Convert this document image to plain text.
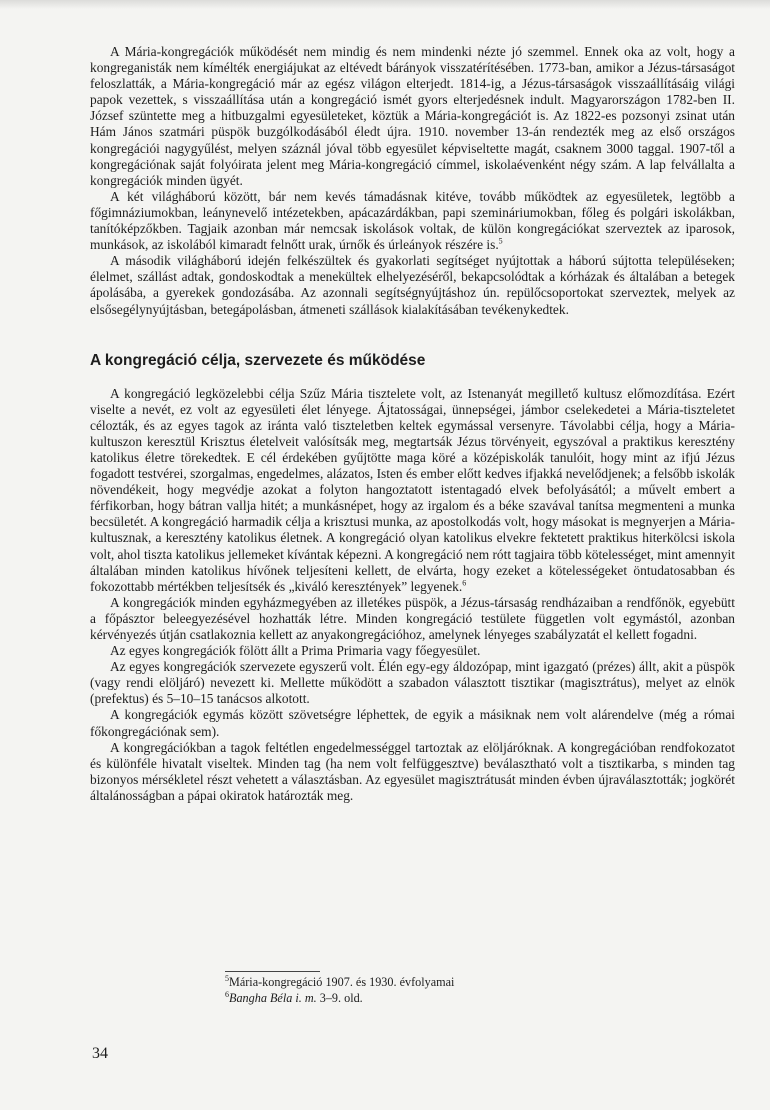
A Mária-kongregációk működését nem mindig és nem mindenki nézte jó szemmel. Ennek oka az volt, hogy a kongreganisták nem kímélték energiájukat az eltévedt bárányok visszatérítésében. 1773-ban, amikor a Jézus-társaságot feloszlatták, a Mária-kongregáció már az egész világon elterjedt. 1814-ig, a Jézus-társaságok visszaállításáig világi papok vezettek, s visszaállítása után a kongregáció ismét gyors elterjedésnek indult. Magyarországon 1782-ben II. József szüntette meg a hitbuzgalmi egyesületeket, köztük a Mária-kongregációt is. Az 1822-es pozsonyi zsinat után Hám János szatmári püspök buzgólkodásából éledt újra. 1910. november 13-án rendezték meg az első országos kongregációi nagygyűlést, melyen száznál jóval több egyesület képviseltette magát, csaknem 3000 taggal. 1907-től a kongregációnak saját folyóirata jelent meg Mária-kongregáció címmel, iskolaévenként négy szám. A lap felvállalta a kongregációk minden ügyét.

A két világháború között, bár nem kevés támadásnak kitéve, tovább működtek az egyesületek, legtöbb a főgimnáziumokban, leánynevelő intézetekben, apácazárdákban, papi szemináriumokban, főleg és polgári iskolákban, tanítóképzőkben. Tagjaik azonban már nemcsak iskolások voltak, de külön kongregációkat szerveztek az iparosok, munkások, az iskolából kimaradt felnőtt urak, úrnők és úrleányok részére is.$^5$

A második világháború idején felkészültek és gyakorlati segítséget nyújtottak a háború sújtotta településeken; élelmet, szállást adtak, gondoskodtak a menekültek elhelyezéséről, bekapcsolódtak a kórházak és általában a betegek ápolásába, a gyerekek gondozásába. Az azonnali segítségnyújtáshoz ún. repülőcsoportokat szerveztek, melyek az elsősegélynyújtásban, betegápolásban, átmeneti szállások kialakításában tevékenykedtek.

A kongregáció célja, szervezete és működése

A kongregáció legközelebbi célja Szűz Mária tisztelete volt, az Istenanyát megillető kultusz előmozdítása. Ezért viselte a nevét, ez volt az egyesületi élet lényege. Ájtatosságai, ünnepségei, jámbor cselekedetei a Mária-tiszteletet célozták, és az egyes tagok az iránta való tiszteletben keltek egymással versenyre. Távolabbi célja, hogy a Mária-kultuszon keresztül Krisztus életelveit valósítsák meg, megtartsák Jézus törvényeit, egyszóval a praktikus keresztény katolikus életre törekedtek. E cél érdekében gyűjtötte maga köré a középiskolák tanulóit, hogy mint az ifjú Jézus fogadott testvérei, szorgalmas, engedelmes, alázatos, Isten és ember előtt kedves ifjakká nevelődjenek; a felsőbb iskolák növendékeit, hogy megvédje azokat a folyton hangoztatott istentagadó elvek befolyásától; a művelt embert a férfikorban, hogy bátran vallja hitét; a munkásnépet, hogy az irgalom és a béke szavával tanítsa megmenteni a munka becsületét. A kongregáció harmadik célja a krisztusi munka, az apostolkodás volt, hogy másokat is megnyerjen a Mária-kultusznak, a keresztény katolikus életnek. A kongregáció olyan katolikus elvekre fektetett praktikus hiterkölcsi iskola volt, ahol tiszta katolikus jellemeket kívántak képezni. A kongregáció nem rótt tagjaira több kötelességet, mint amennyit általában minden katolikus hívőnek teljesíteni kellett, de elvárta, hogy ezeket a kötelességeket öntudatosabban és fokozottabb mértékben teljesítsék és „kiváló keresztények” legyenek.$^6$

A kongregációk minden egyházmegyében az illetékes püspök, a Jézus-társaság rendházaiban a rendfőnök, egyebütt a főpásztor beleegyezésével hozhatták létre. Minden kongregáció testülete független volt egymástól, azonban kérvényezés útján csatlakoznia kellett az anyakongregációhoz, amelynek lényeges szabályzatát el kellett fogadni.

Az egyes kongregációk fölött állt a Prima Primaria vagy főegyesület.

Az egyes kongregációk szervezete egyszerű volt. Élén egy-egy áldozópap, mint igazgató (prézes) állt, akit a püspök (vagy rendi elöljáró) nevezett ki. Mellette működött a szabadon választott tisztikar (magisztrátus), melyet az elnök (prefektus) és 5–10–15 tanácsos alkotott.

A kongregációk egymás között szövetségre léphettek, de egyik a másiknak nem volt alárendelve (még a római főkongregációnak sem).

A kongregációkban a tagok feltétlen engedelmességgel tartoztak az elöljáróknak. A kongregációban rendfokozatot és különféle hivatalt viseltek. Minden tag (ha nem volt felfüggesztve) beválasztható volt a tisztikarba, s minden tag bizonyos mérsékletel részt vehetett a választásban. Az egyesület magisztrátusát minden évben újraválasztották; jogkörét általánosságban a pápai okiratok határozták meg.

$^5$Mária-kongregáció 1907. és 1930. évfolyamai

$^6$Bangha Béla i. m. 3–9. old.

34
